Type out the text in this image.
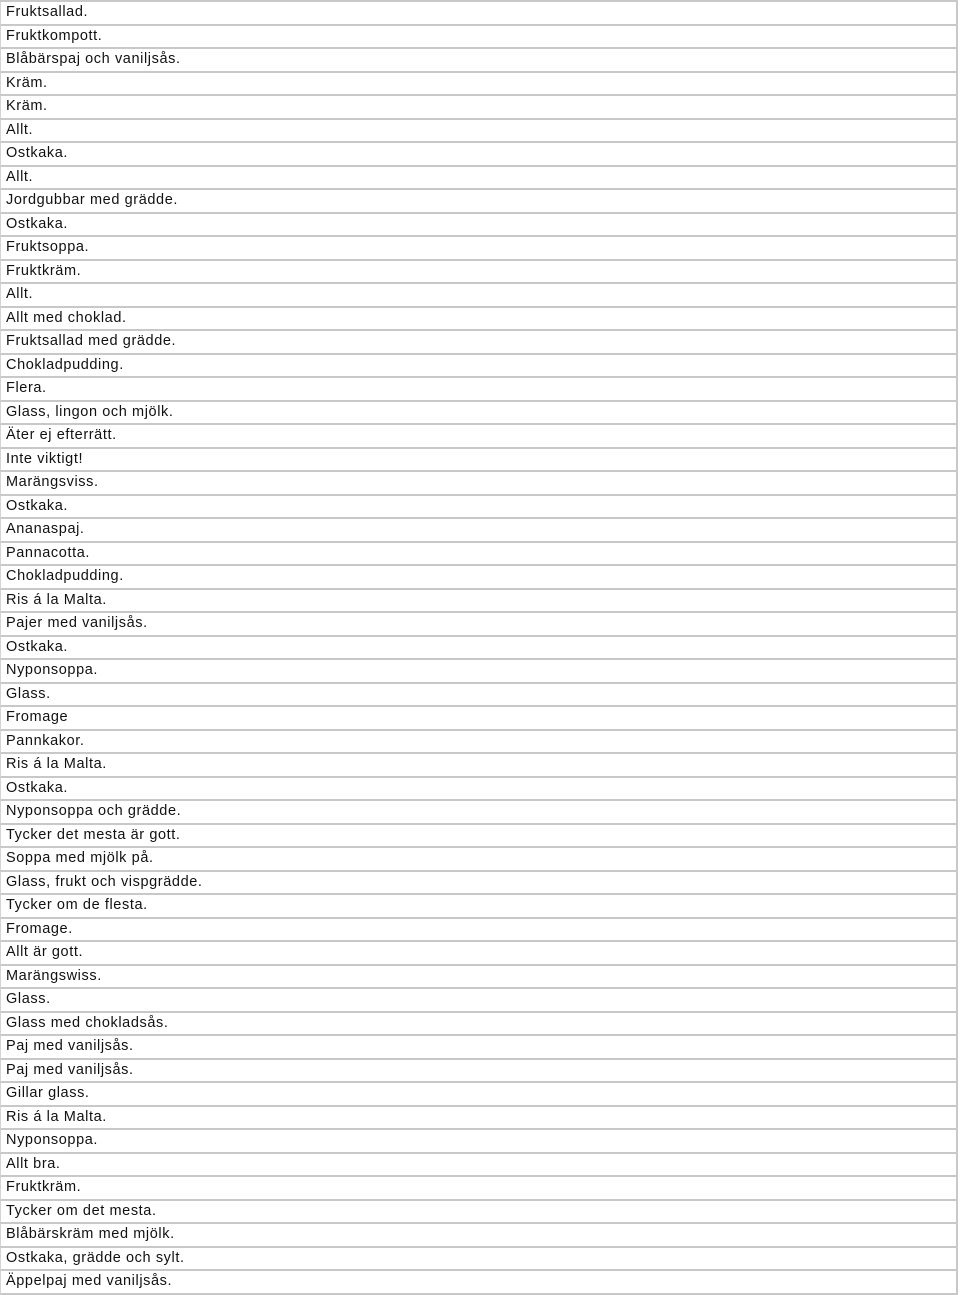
Fruktsallad.
Fruktkompott.
Blåbärspaj och vaniljsås.
Kräm.
Kräm.
Allt.
Ostkaka.
Allt.
Jordgubbar med grädde.
Ostkaka.
Fruktsoppa.
Fruktkräm.
Allt.
Allt med choklad.
Fruktsallad med grädde.
Chokladpudding.
Flera.
Glass, lingon och mjölk.
Äter ej efterrätt.
Inte viktigt!
Marängsviss.
Ostkaka.
Ananaspaj.
Pannacotta.
Chokladpudding.
Ris á la Malta.
Pajer med vaniljsås.
Ostkaka.
Nyponsoppa.
Glass.
Fromage
Pannkakor.
Ris á la Malta.
Ostkaka.
Nyponsoppa och grädde.
Tycker det mesta är gott.
Soppa med mjölk på.
Glass, frukt och vispgrädde.
Tycker om de flesta.
Fromage.
Allt är gott.
Marängswiss.
Glass.
Glass med chokladsås.
Paj med vaniljsås.
Paj med vaniljsås.
Gillar glass.
Ris á la Malta.
Nyponsoppa.
Allt bra.
Fruktkräm.
Tycker om det mesta.
Blåbärskräm med mjölk.
Ostkaka, grädde och sylt.
Äppelpaj med vaniljsås.
